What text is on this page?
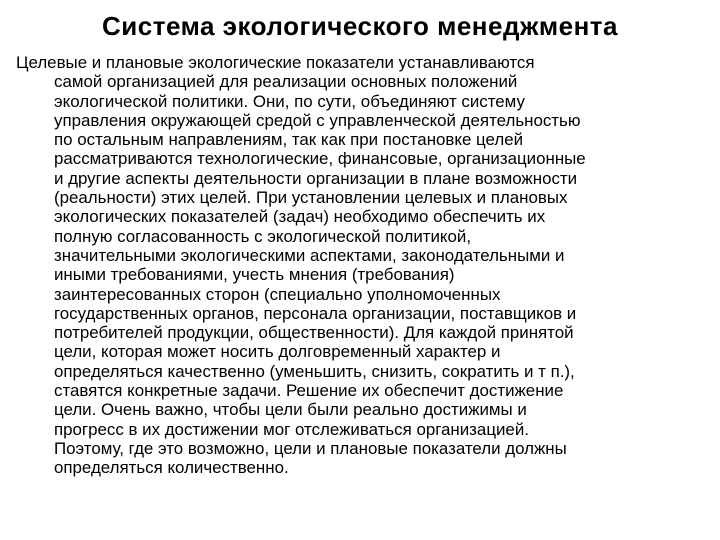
Система экологического менеджмента
Целевые и плановые экологические показатели устанавливаются
самой организацией для реализации основных положений
экологической политики. Они, по сути, объединяют систему
управления окружающей средой с управленческой деятельностью
по остальным направлениям, так как при постановке целей
рассматриваются технологические, финансовые, организационные
и другие аспекты деятельности организации в плане возможности
(реальности) этих целей. При установлении целевых и плановых
экологических показателей (задач) необходимо обеспечить их
полную согласованность с экологической политикой,
значительными экологическими аспектами, законодательными и
иными требованиями, учесть мнения (требования)
заинтересованных сторон (специально уполномоченных
государственных органов, персонала организации, поставщиков и
потребителей продукции, общественности). Для каждой принятой
цели, которая может носить долговременный характер и
определяться качественно (уменьшить, снизить, сократить и т п.),
ставятся конкретные задачи. Решение их обеспечит достижение
цели. Очень важно, чтобы цели были реально достижимы и
прогресс в их достижении мог отслеживаться организацией.
Поэтому, где это возможно, цели и плановые показатели должны
определяться количественно.
